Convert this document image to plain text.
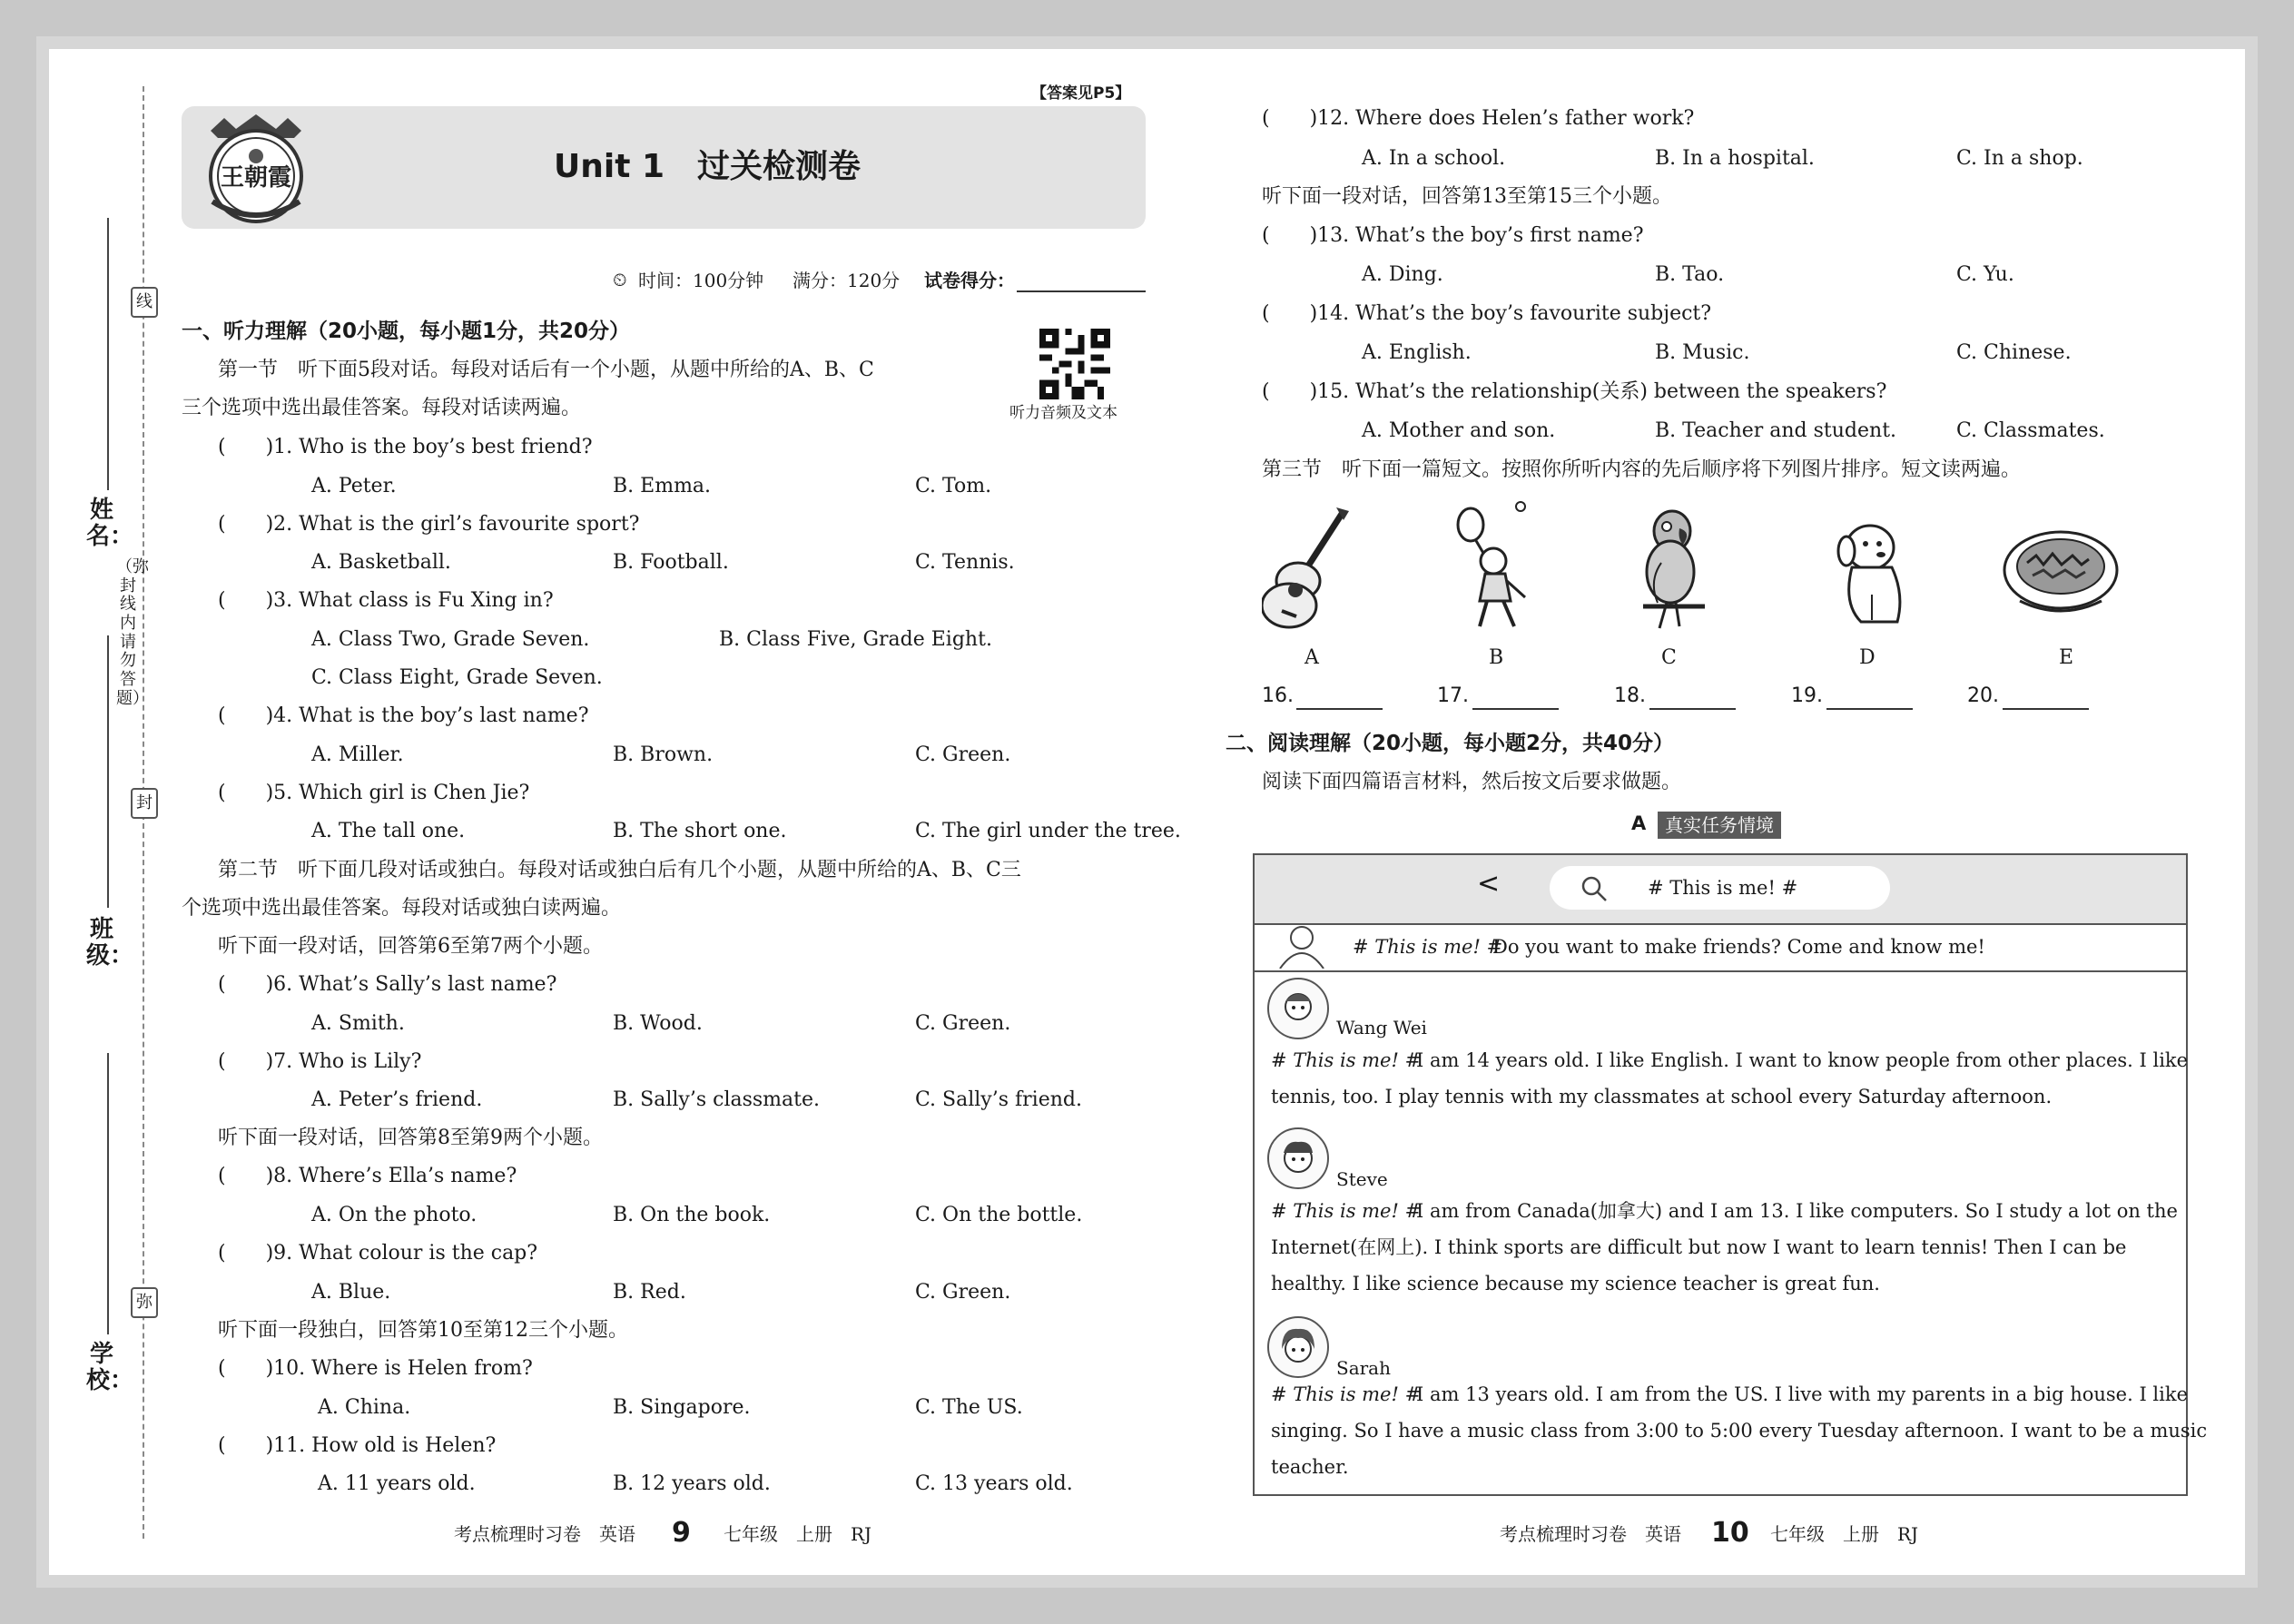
线
封
弥
（弥封线内请勿答题）
姓名：
班级：
学校：
【答案见P5】
王朝霞	Unit 1　过关检测卷
⏲ 时间：100分钟 满分：120分 试卷得分：
一、听力理解（20小题，每小题1分，共20分）
听力音频及文本
第一节　听下面5段对话。每段对话后有一个小题，从题中所给的A、B、C
三个选项中选出最佳答案。每段对话读两遍。
(　　)1. Who is the boy’s best friend?
A. Peter.	B. Emma.	C. Tom.
(　　)2. What is the girl’s favourite sport?
A. Basketball.	B. Football.	C. Tennis.
(　　)3. What class is Fu Xing in?
A. Class Two, Grade Seven.	B. Class Five, Grade Eight.
C. Class Eight, Grade Seven.
(　　)4. What is the boy’s last name?
A. Miller.	B. Brown.	C. Green.
(　　)5. Which girl is Chen Jie?
A. The tall one.	B. The short one.	C. The girl under the tree.
第二节　听下面几段对话或独白。每段对话或独白后有几个小题，从题中所给的A、B、C三
个选项中选出最佳答案。每段对话或独白读两遍。
听下面一段对话，回答第6至第7两个小题。
(　　)6. What’s Sally’s last name?
A. Smith.	B. Wood.	C. Green.
(　　)7. Who is Lily?
A. Peter’s friend.	B. Sally’s classmate.	C. Sally’s friend.
听下面一段对话，回答第8至第9两个小题。
(　　)8. Where’s Ella’s name?
A. On the photo.	B. On the book.	C. On the bottle.
(　　)9. What colour is the cap?
A. Blue.	B. Red.	C. Green.
听下面一段独白，回答第10至第12三个小题。
(　　)10. Where is Helen from?
A. China.	B. Singapore.	C. The US.
(　　)11. How old is Helen?
A. 11 years old.	B. 12 years old.	C. 13 years old.
考点梳理时习卷　英语 9 七年级　上册　RJ
(　　)12. Where does Helen’s father work?
A. In a school.	B. In a hospital.	C. In a shop.
听下面一段对话，回答第13至第15三个小题。
(　　)13. What’s the boy’s first name?
A. Ding.	B. Tao.	C. Yu.
(　　)14. What’s the boy’s favourite subject?
A. English.	B. Music.	C. Chinese.
(　　)15. What’s the relationship(关系) between the speakers?
A. Mother and son.	B. Teacher and student.	C. Classmates.
第三节　听下面一篇短文。按照你所听内容的先后顺序将下列图片排序。短文读两遍。
A	B	C	D	E
16.	17.	18.	19.	20.
二、阅读理解（20小题，每小题2分，共40分）
阅读下面四篇语言材料，然后按文后要求做题。
A	真实任务情境
<	# This is me! #
# This is me! #
Do you want to make friends? Come and know me!
Wang Wei
# This is me! #
I am 14 years old. I like English. I want to know people from other places. I like
tennis, too. I play tennis with my classmates at school every Saturday afternoon.
Steve
# This is me! #
I am from Canada(加拿大) and I am 13. I like computers. So I study a lot on the
Internet(在网上). I think sports are difficult but now I want to learn tennis! Then I can be
healthy. I like science because my science teacher is great fun.
Sarah
# This is me! #
I am 13 years old. I am from the US. I live with my parents in a big house. I like
singing. So I have a music class from 3:00 to 5:00 every Tuesday afternoon. I want to be a music
teacher.
考点梳理时习卷　英语 10 七年级　上册　RJ
